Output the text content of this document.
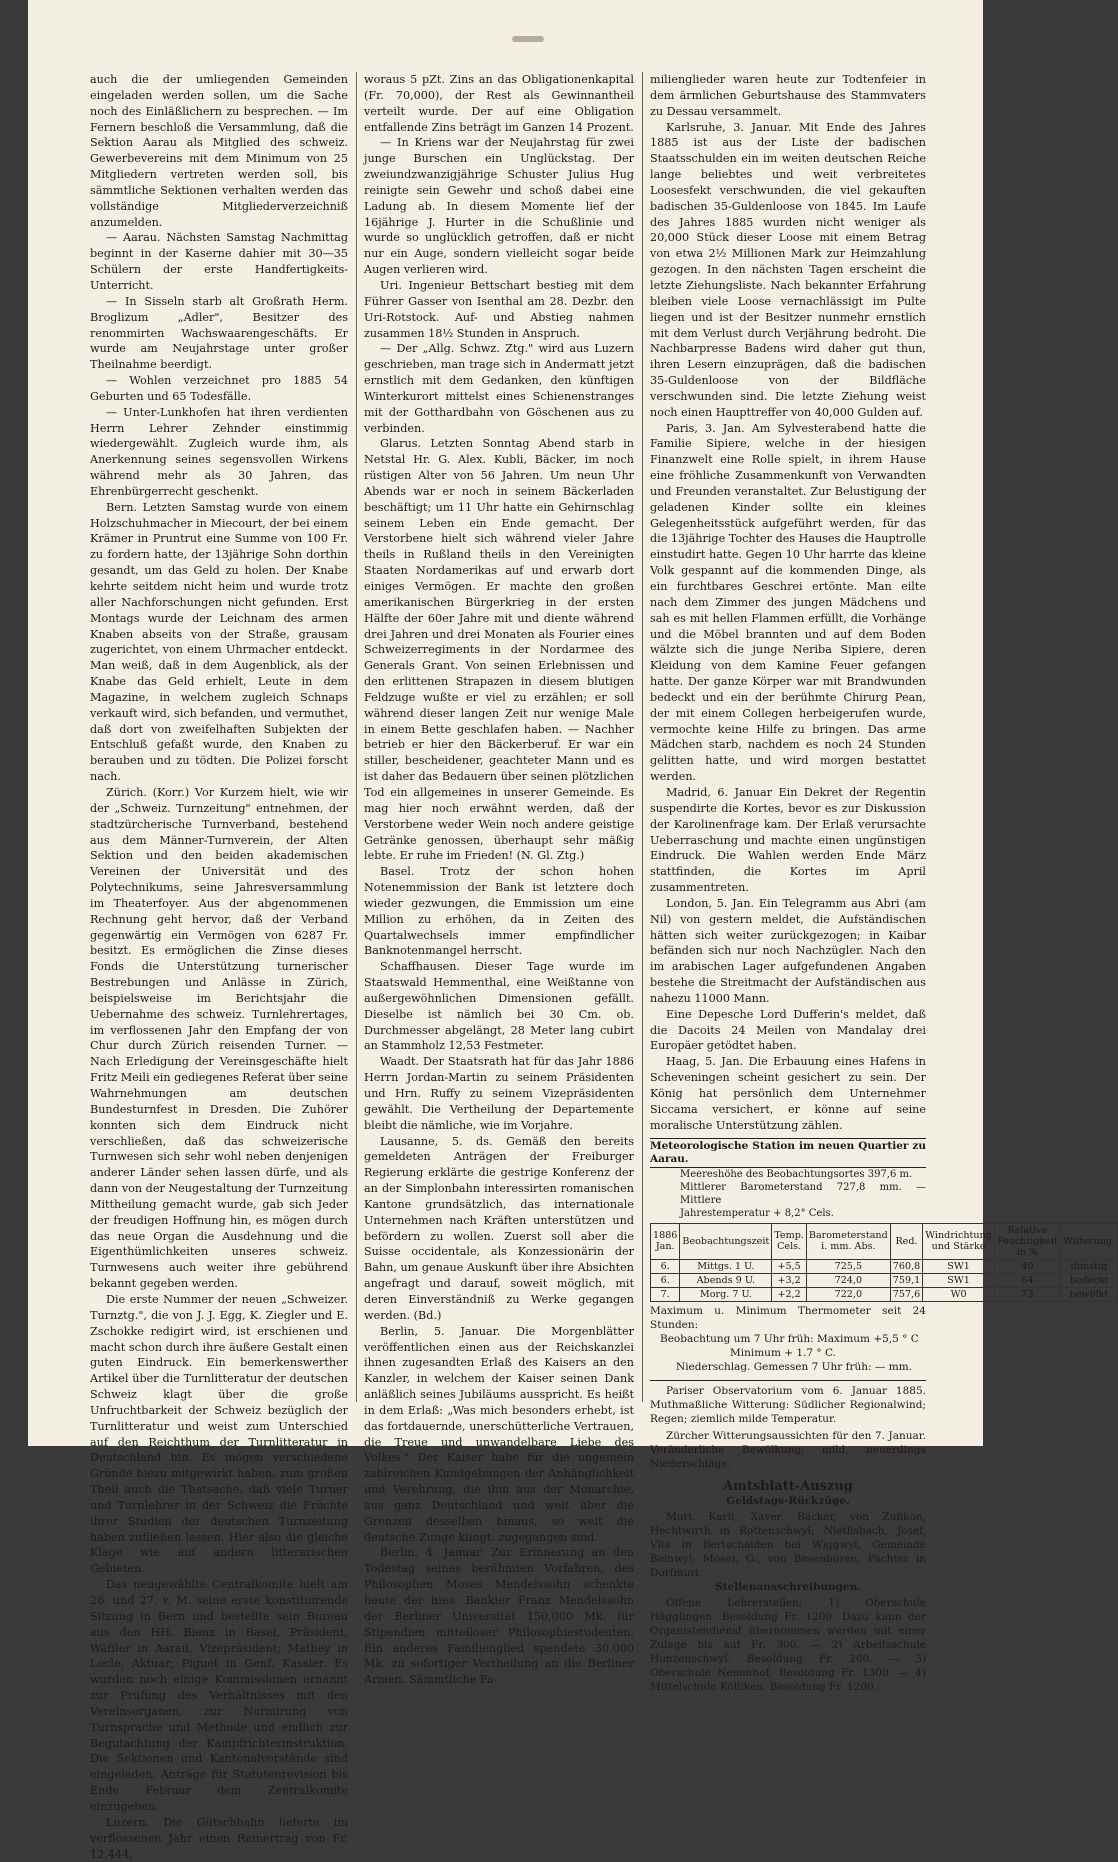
auch die der umliegenden Gemeinden eingeladen werden sollen, um die Sache noch des Einläßlichern zu besprechen. — Im Fernern beschloß die Versammlung, daß die Sektion Aarau als Mitglied des schweiz. Gewerbevereins mit dem Minimum von 25 Mitgliedern vertreten werden soll, bis sämmtliche Sektionen verhalten werden das vollständige Mitgliederverzeichniß anzumelden.

— Aarau. Nächsten Samstag Nachmittag beginnt in der Kaserne dahier mit 30—35 Schülern der erste Handfertigkeits-Unterricht.

— In Sisseln starb alt Großrath Herm. Broglizum „Adler", Besitzer des renommirten Wachswaarengeschäfts. Er wurde am Neujahrstage unter großer Theilnahme beerdigt.

— Wohlen verzeichnet pro 1885 54 Geburten und 65 Todesfälle.

— Unter-Lunkhofen hat ihren verdienten Herrn Lehrer Zehnder einstimmig wiedergewählt. Zugleich wurde ihm, als Anerkennung seines segensvollen Wirkens während mehr als 30 Jahren, das Ehrenbürgerrecht geschenkt.

Bern. Letzten Samstag wurde von einem Holzschuhmacher in Miecourt, der bei einem Krämer in Pruntrut eine Summe von 100 Fr. zu fordern hatte, der 13jährige Sohn dorthin gesandt, um das Geld zu holen. Der Knabe kehrte seitdem nicht heim und wurde trotz aller Nachforschungen nicht gefunden. Erst Montags wurde der Leichnam des armen Knaben abseits von der Straße, grausam zugerichtet, von einem Uhrmacher entdeckt. Man weiß, daß in dem Augenblick, als der Knabe das Geld erhielt, Leute in dem Magazine, in welchem zugleich Schnaps verkauft wird, sich befanden, und vermuthet, daß dort von zweifelhaften Subjekten der Entschluß gefaßt wurde, den Knaben zu berauben und zu tödten. Die Polizei forscht nach.

Zürich. (Korr.) Vor Kurzem hielt, wie wir der „Schweiz. Turnzeitung" entnehmen, der stadtzürcherische Turnverband, bestehend aus dem Männer-Turnverein, der Alten Sektion und den beiden akademischen Vereinen der Universität und des Polytechnikums, seine Jahresversammlung im Theaterfoyer. Aus der abgenommenen Rechnung geht hervor, daß der Verband gegenwärtig ein Vermögen von 6287 Fr. besitzt. Es ermöglichen die Zinse dieses Fonds die Unterstützung turnerischer Bestrebungen und Anlässe in Zürich, beispielsweise im Berichtsjahr die Uebernahme des schweiz. Turnlehrertages, im verflossenen Jahr den Empfang der von Chur durch Zürich reisenden Turner. — Nach Erledigung der Vereinsgeschäfte hielt Fritz Meili ein gediegenes Referat über seine Wahrnehmungen am deutschen Bundesturnfest in Dresden. Die Zuhörer konnten sich dem Eindruck nicht verschließen, daß das schweizerische Turnwesen sich sehr wohl neben denjenigen anderer Länder sehen lassen dürfe, und als dann von der Neugestaltung der Turnzeitung Mittheilung gemacht wurde, gab sich Jeder der freudigen Hoffnung hin, es mögen durch das neue Organ die Ausdehnung und die Eigenthümlichkeiten unseres schweiz. Turnwesens auch weiter ihre gebührend bekannt gegeben werden.

Die erste Nummer der neuen „Schweizer. Turnztg.", die von J. J. Egg, K. Ziegler und E. Zschokke redigirt wird, ist erschienen und macht schon durch ihre äußere Gestalt einen guten Eindruck. Ein bemerkenswerther Artikel über die Turnlitteratur der deutschen Schweiz klagt über die große Unfruchtbarkeit der Schweiz bezüglich der Turnlitteratur und weist zum Unterschied auf den Reichthum der Turnlitteratur in Deutschland hin. Es mögen verschiedene Gründe hiezu mitgewirkt haben, zum großen Theil auch die Thatsache, daß viele Turner und Turnlehrer in der Schweiz die Früchte ihrer Studien der deutschen Turnzeitung haben zufließen lassen. Hier also die gleiche Klage wie auf andern litterarischen Gebieten.

Das neugewählte Centralkomite hielt am 26. und 27. v. M. seine erste konstituirende Sitzung in Bern und bestellte sein Bureau aus den HH. Bienz in Basel, Präsident; Wäffler in Aarau, Vizepräsident; Mathey in Locle, Aktuar; Piguet in Genf, Kassier. Es wurden noch einige Kommissionen ernannt zur Prüfung des Verhältnisses mit den Vereinsorganen, zur Normirung von Turnsprache und Methode und endlich zur Begutachtung der Kampfrichterinstruktion. Die Sektionen und Kantonalvorstände sind eingeladen, Anträge für Statutenrevision bis Ende Februar dem Zentralkomite einzugeben.

Luzern. Die Gütschbahn lieferte im verflossenen Jahr einen Reinertrag von Fr. 12,444,

woraus 5 pZt. Zins an das Obligationenkapital (Fr. 70,000), der Rest als Gewinnantheil verteilt wurde. Der auf eine Obligation entfallende Zins beträgt im Ganzen 14 Prozent.

— In Kriens war der Neujahrstag für zwei junge Burschen ein Unglückstag. Der zweiundzwanzigjährige Schuster Julius Hug reinigte sein Gewehr und schoß dabei eine Ladung ab. In diesem Momente lief der 16jährige J. Hurter in die Schußlinie und wurde so unglücklich getroffen, daß er nicht nur ein Auge, sondern vielleicht sogar beide Augen verlieren wird.

Uri. Ingenieur Bettschart bestieg mit dem Führer Gasser von Isenthal am 28. Dezbr. den Uri-Rotstock. Auf- und Abstieg nahmen zusammen 18½ Stunden in Anspruch.

— Der „Allg. Schwz. Ztg." wird aus Luzern geschrieben, man trage sich in Andermatt jetzt ernstlich mit dem Gedanken, den künftigen Winterkurort mittelst eines Schienenstranges mit der Gotthardbahn von Göschenen aus zu verbinden.

Glarus. Letzten Sonntag Abend starb in Netstal Hr. G. Alex. Kubli, Bäcker, im noch rüstigen Alter von 56 Jahren. Um neun Uhr Abends war er noch in seinem Bäckerladen beschäftigt; um 11 Uhr hatte ein Gehirnschlag seinem Leben ein Ende gemacht. Der Verstorbene hielt sich während vieler Jahre theils in Rußland theils in den Vereinigten Staaten Nordamerikas auf und erwarb dort einiges Vermögen. Er machte den großen amerikanischen Bürgerkrieg in der ersten Hälfte der 60er Jahre mit und diente während drei Jahren und drei Monaten als Fourier eines Schweizerregiments in der Nordarmee des Generals Grant. Von seinen Erlebnissen und den erlittenen Strapazen in diesem blutigen Feldzuge wußte er viel zu erzählen; er soll während dieser langen Zeit nur wenige Male in einem Bette geschlafen haben. — Nachher betrieb er hier den Bäckerberuf. Er war ein stiller, bescheidener, geachteter Mann und es ist daher das Bedauern über seinen plötzlichen Tod ein allgemeines in unserer Gemeinde. Es mag hier noch erwähnt werden, daß der Verstorbene weder Wein noch andere geistige Getränke genossen, überhaupt sehr mäßig lebte. Er ruhe im Frieden! (N. Gl. Ztg.)

Basel. Trotz der schon hohen Notenemmission der Bank ist letztere doch wieder gezwungen, die Emmission um eine Million zu erhöhen, da in Zeiten des Quartalwechsels immer empfindlicher Banknotenmangel herrscht.

Schaffhausen. Dieser Tage wurde im Staatswald Hemmenthal, eine Weißtanne von außergewöhnlichen Dimensionen gefällt. Dieselbe ist nämlich bei 30 Cm. ob. Durchmesser abgelängt, 28 Meter lang cubirt an Stammholz 12,53 Festmeter.

Waadt. Der Staatsrath hat für das Jahr 1886 Herrn Jordan-Martin zu seinem Präsidenten und Hrn. Ruffy zu seinem Vizepräsidenten gewählt. Die Vertheilung der Departemente bleibt die nämliche, wie im Vorjahre.

Lausanne, 5. ds. Gemäß den bereits gemeldeten Anträgen der Freiburger Regierung erklärte die gestrige Konferenz der an der Simplonbahn interessirten romanischen Kantone grundsätzlich, das internationale Unternehmen nach Kräften unterstützen und befördern zu wollen. Zuerst soll aber die Suisse occidentale, als Konzessionärin der Bahn, um genaue Auskunft über ihre Absichten angefragt und darauf, soweit möglich, mit deren Einverständniß zu Werke gegangen werden. (Bd.)

Berlin, 5. Januar. Die Morgenblätter veröffentlichen einen aus der Reichskanzlei ihnen zugesandten Erlaß des Kaisers an den Kanzler, in welchem der Kaiser seinen Dank anläßlich seines Jubiläums ausspricht. Es heißt in dem Erlaß: „Was mich besonders erhebt, ist das fortdauernde, unerschütterliche Vertrauen, die Treue und unwandelbare Liebe des Volkes." Der Kaiser habe für die ungemein zahlreichen Kundgebungen der Anhänglichkeit und Verehrung, die ihm aus der Monarchie, aus ganz Deutschland und weit über die Grenzen desselben hinaus, so weit die deutsche Zunge klingt, zugegangen sind.

Berlin, 4. Januar. Zur Erinnerung an den Todestag seines berühmten Vorfahren, des Philosophen Moses Mendelssohn schenkte heute der hies. Bankier Franz Mendelssohn der Berliner Universität 150,000 Mk. für Stipendien mittelloser Philosophiestudenten. Ein anderes Familienglied spendete 30,000 Mk. zu sofortiger Vertheilung an die Berliner Armen. Sämmtliche Fa-

milienglieder waren heute zur Todtenfeier in dem ärmlichen Geburtshause des Stammvaters zu Dessau versammelt.

Karlsruhe, 3. Januar. Mit Ende des Jahres 1885 ist aus der Liste der badischen Staatsschulden ein im weiten deutschen Reiche lange beliebtes und weit verbreitetes Loosesfekt verschwunden, die viel gekauften badischen 35-Guldenloose von 1845. Im Laufe des Jahres 1885 wurden nicht weniger als 20,000 Stück dieser Loose mit einem Betrag von etwa 2½ Millionen Mark zur Heimzahlung gezogen. In den nächsten Tagen erscheint die letzte Ziehungsliste. Nach bekannter Erfahrung bleiben viele Loose vernachlässigt im Pulte liegen und ist der Besitzer nunmehr ernstlich mit dem Verlust durch Verjährung bedroht. Die Nachbarpresse Badens wird daher gut thun, ihren Lesern einzuprägen, daß die badischen 35-Guldenloose von der Bildfläche verschwunden sind. Die letzte Ziehung weist noch einen Haupttreffer von 40,000 Gulden auf.

Paris, 3. Jan. Am Sylvesterabend hatte die Familie Sipiere, welche in der hiesigen Finanzwelt eine Rolle spielt, in ihrem Hause eine fröhliche Zusammenkunft von Verwandten und Freunden veranstaltet. Zur Belustigung der geladenen Kinder sollte ein kleines Gelegenheitsstück aufgeführt werden, für das die 13jährige Tochter des Hauses die Hauptrolle einstudirt hatte. Gegen 10 Uhr harrte das kleine Volk gespannt auf die kommenden Dinge, als ein furchtbares Geschrei ertönte. Man eilte nach dem Zimmer des jungen Mädchens und sah es mit hellen Flammen erfüllt, die Vorhänge und die Möbel brannten und auf dem Boden wälzte sich die junge Neriba Sipiere, deren Kleidung von dem Kamine Feuer gefangen hatte. Der ganze Körper war mit Brandwunden bedeckt und ein der berühmte Chirurg Pean, der mit einem Collegen herbeigerufen wurde, vermochte keine Hilfe zu bringen. Das arme Mädchen starb, nachdem es noch 24 Stunden gelitten hatte, und wird morgen bestattet werden.

Madrid, 6. Januar Ein Dekret der Regentin suspendirte die Kortes, bevor es zur Diskussion der Karolinenfrage kam. Der Erlaß verursachte Ueberraschung und machte einen ungünstigen Eindruck. Die Wahlen werden Ende März stattfinden, die Kortes im April zusammentreten.

London, 5. Jan. Ein Telegramm aus Abri (am Nil) von gestern meldet, die Aufständischen hätten sich weiter zurückgezogen; in Kaibar befänden sich nur noch Nachzügler. Nach den im arabischen Lager aufgefundenen Angaben bestehe die Streitmacht der Aufständischen aus nahezu 11000 Mann.

Eine Depesche Lord Dufferin's meldet, daß die Dacoits 24 Meilen von Mandalay drei Europäer getödtet haben.

Haag, 5. Jan. Die Erbauung eines Hafens in Scheveningen scheint gesichert zu sein. Der König hat persönlich dem Unternehmer Siccama versichert, er könne auf seine moralische Unterstützung zählen.

Meteorologische Station im neuen Quartier zu Aarau.
Meereshöhe des Beobachtungsortes 397,6 m.
Mittlerer Barometerstand 727,8 mm. — Mittlere
Jahrestemperatur + 8,2° Cels.
1886 Jan.	Beobachtungszeit	Temp. Cels.	Barometerstand i. mm. Abs.	Red.	Windrichtung und Stärke	Relative Feuchtigkeit in %	Witterung.
6.	Mittgs. 1 U.	+5,5	725,5	760,8	SW1	40	dunstig
6.	Abends 9 U.	+3,2	724,0	759,1	SW1	64	bedeckt
7.	Morg. 7 U.	+2,2	722,0	757,6	W0	73	bewölkt
Maximum u. Minimum Thermometer seit 24 Stunden:
Beobachtung um 7 Uhr früh: Maximum +5,5 ° C
Minimum + 1.7 ° C.
Niederschlag. Gemessen 7 Uhr früh: — mm.

Pariser Observatorium vom 6. Januar 1885. Muthmaßliche Witterung: Südlicher Regionalwind; Regen; ziemlich milde Temperatur.

Zürcher Witterungsaussichten für den 7. Januar. Veränderliche Bewölkung, mild, neuerdings Niederschläge.

Amtsblatt-Auszug
Geldstags-Rückzüge.

Muri. Karli, Xaver, Bäcker, von Zufikon, Hechtwirth in Rottenschwyl; Nietlisbach, Josef, Vits in Bertschalden bei Wiggwyl, Gemeinde Beinwyl; Moser, G., von Besenbüren, Pächter in Dorfmuri.

Stellenausschreibungen.

Offene Lehrerstellen: 1) Oberschule Hägglingen. Besoldung Fr. 1200. Dazu kann der Organistendienst übernommen werden mit einer Zulage bis auf Fr. 300. — 2) Arbeitsschule Hunzenschwyl. Besoldung Fr. 200. — 3) Oberschule Neuenhof. Besoldung Fr. 1300. — 4) Mittelschule Kölliken. Besoldung Fr. 1200.
